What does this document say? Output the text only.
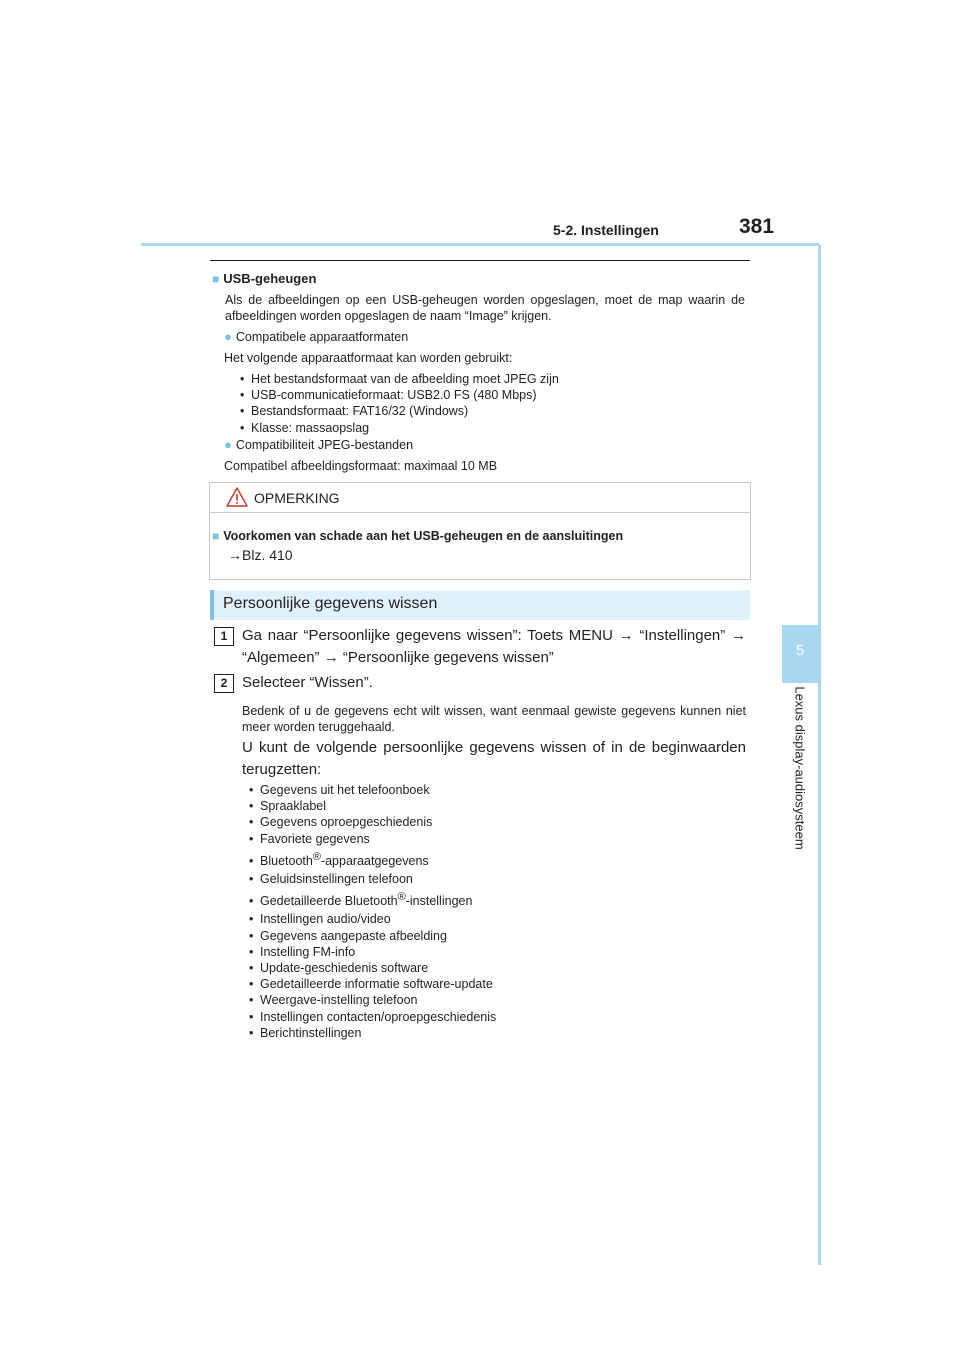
5-2. Instellingen	381
5
Lexus display-audiosysteem
■ USB-geheugen
Als de afbeeldingen op een USB-geheugen worden opgeslagen, moet de map waarin de afbeeldingen worden opgeslagen de naam “Image” krijgen.
● Compatibele apparaatformaten
Het volgende apparaatformaat kan worden gebruikt:
• Het bestandsformaat van de afbeelding moet JPEG zijn
• USB-communicatieformaat: USB2.0 FS (480 Mbps)
• Bestandsformaat: FAT16/32 (Windows)
• Klasse: massaopslag
● Compatibiliteit JPEG-bestanden
Compatibel afbeeldingsformaat: maximaal 10 MB
OPMERKING
■ Voorkomen van schade aan het USB-geheugen en de aansluitingen
→Blz. 410
Persoonlijke gegevens wissen
1 Ga naar “Persoonlijke gegevens wissen”: Toets MENU → “Instellingen” →
“Algemeen” → “Persoonlijke gegevens wissen”
2 Selecteer “Wissen”.
Bedenk of u de gegevens echt wilt wissen, want eenmaal gewiste gegevens kunnen niet meer worden teruggehaald.
U kunt de volgende persoonlijke gegevens wissen of in de beginwaarden
terugzetten:
• Gegevens uit het telefoonboek
• Spraaklabel
• Gegevens oproepgeschiedenis
• Favoriete gegevens
• Bluetooth®-apparaatgegevens
• Geluidsinstellingen telefoon
• Gedetailleerde Bluetooth®-instellingen
• Instellingen audio/video
• Gegevens aangepaste afbeelding
• Instelling FM-info
• Update-geschiedenis software
• Gedetailleerde informatie software-update
• Weergave-instelling telefoon
• Instellingen contacten/oproepgeschiedenis
• Berichtinstellingen
